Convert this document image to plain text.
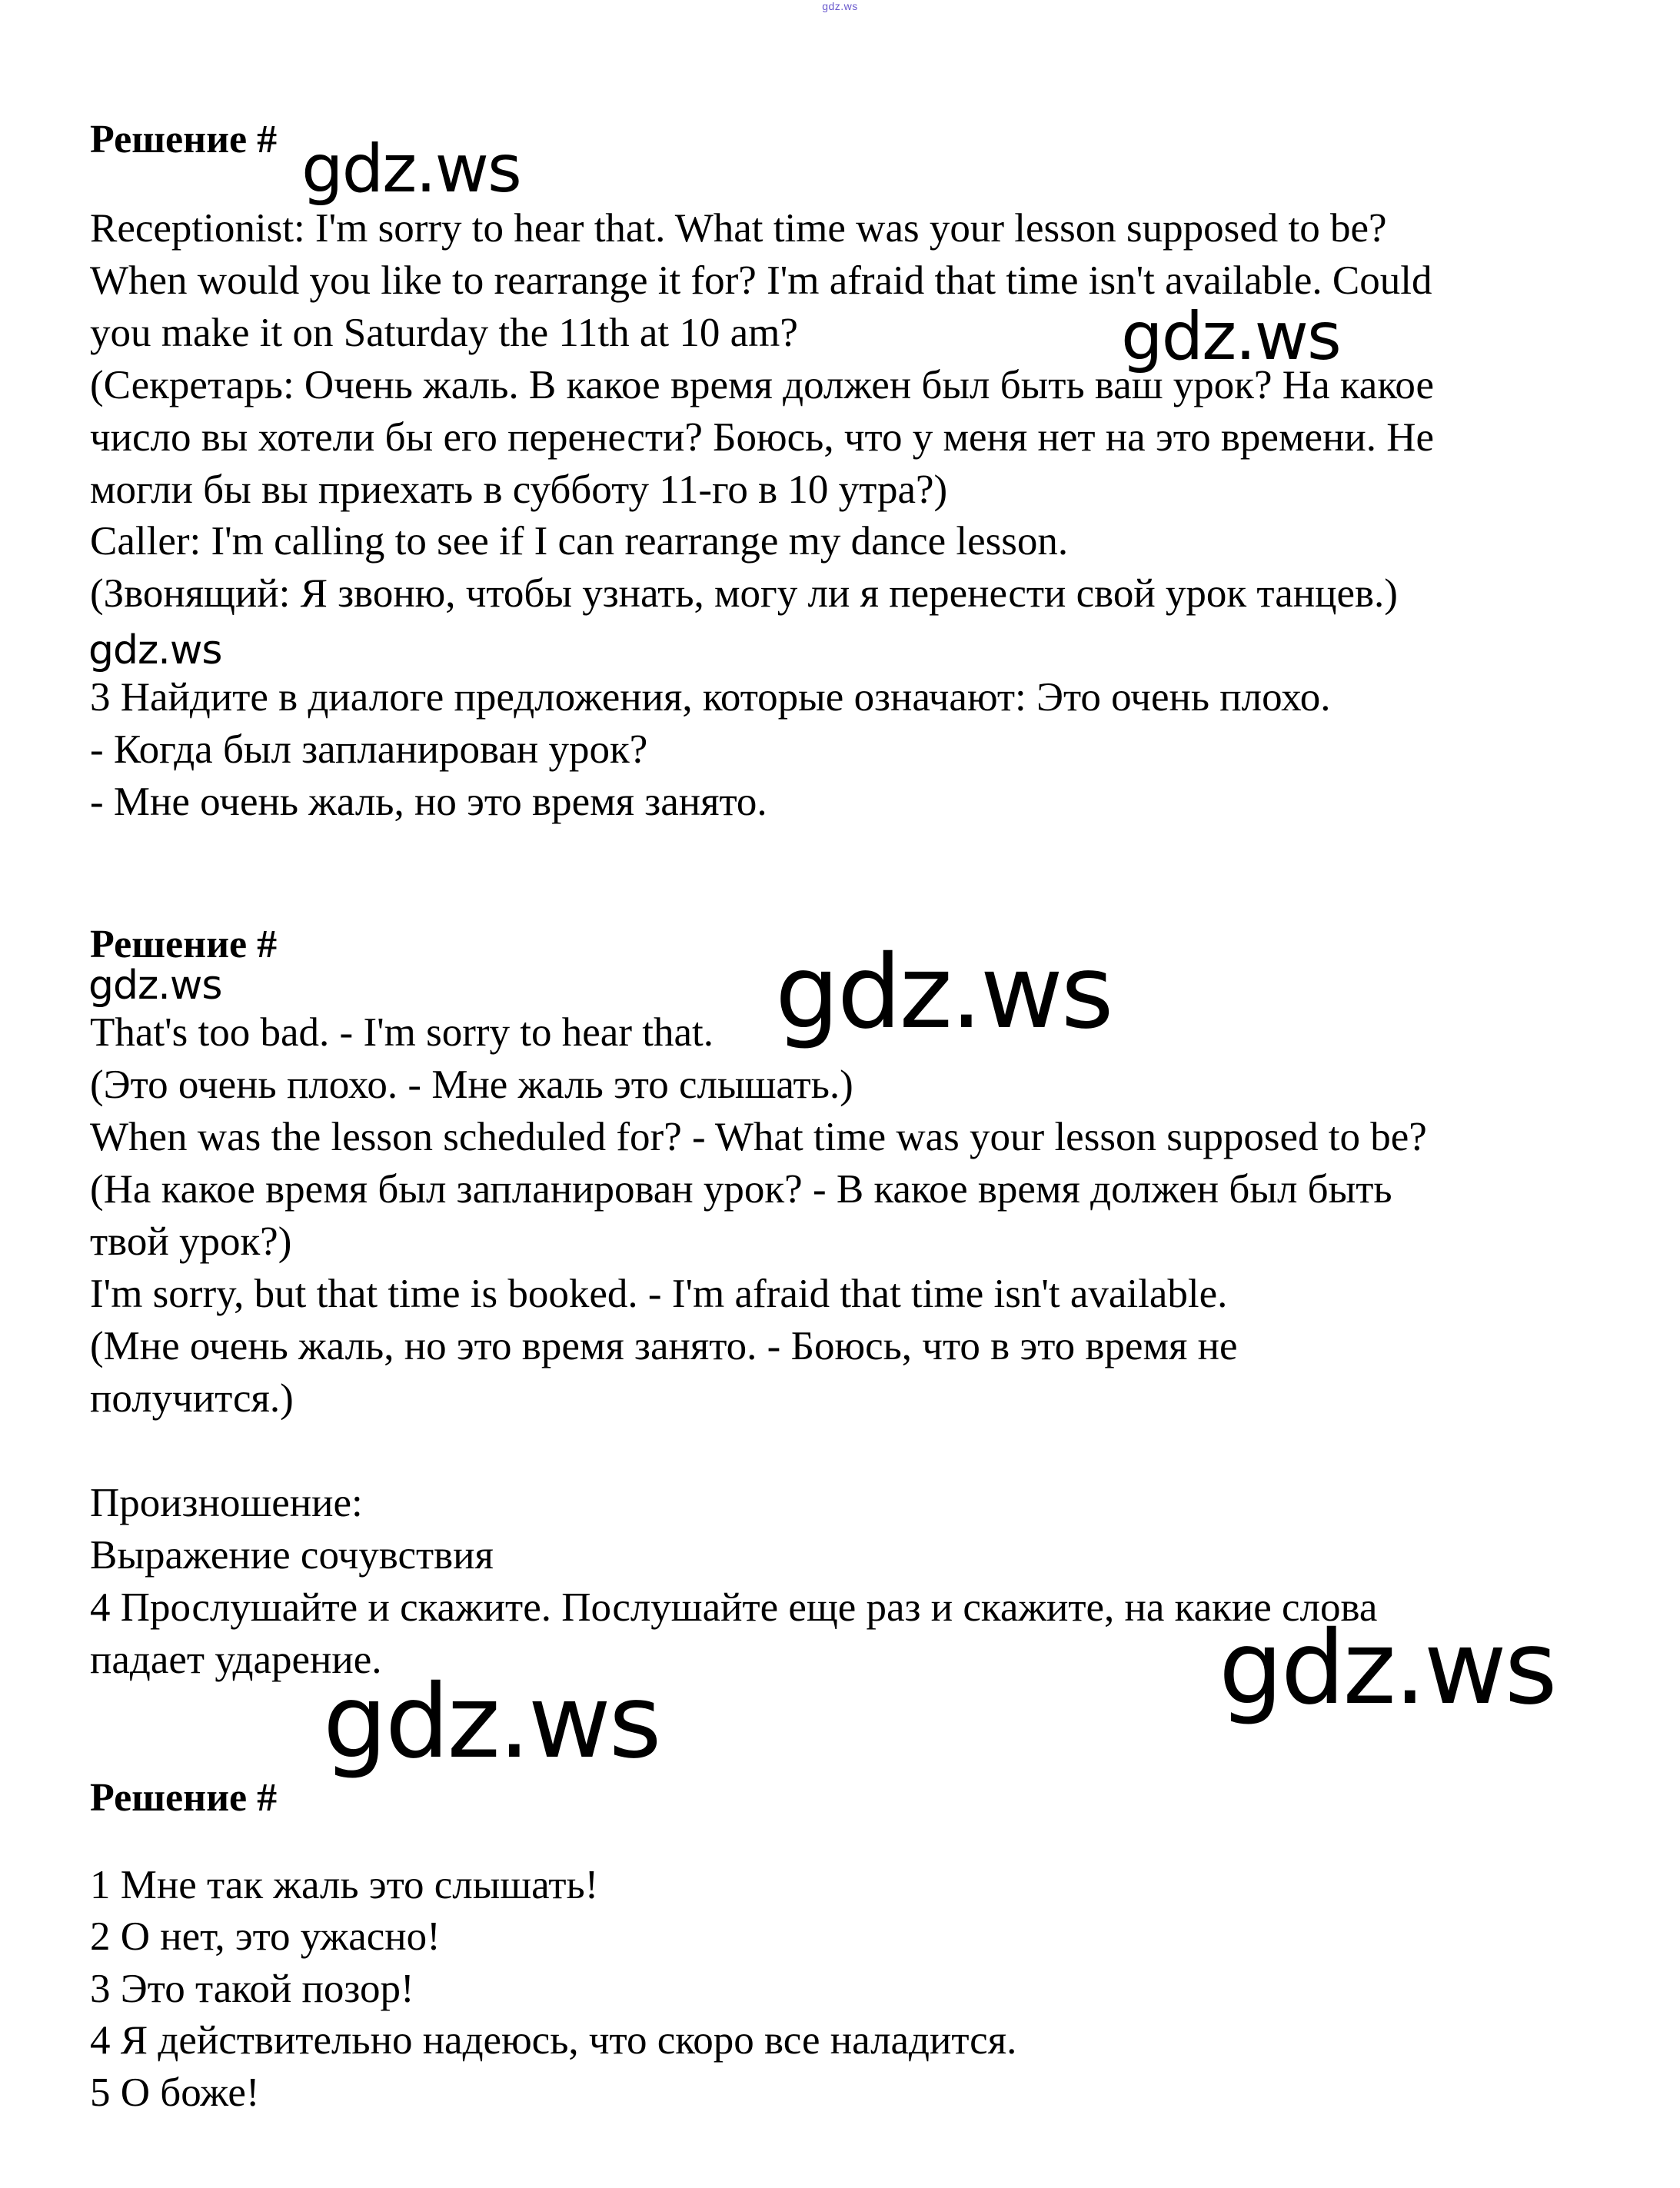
gdz.ws
Решение #
Receptionist: I'm sorry to hear that. What time was your lesson supposed to be?
When would you like to rearrange it for? I'm afraid that time isn't available. Could
you make it on Saturday the 11th at 10 am?
(Секретарь: Очень жаль. В какое время должен был быть ваш урок? На какое
число вы хотели бы его перенести? Боюсь, что у меня нет на это времени. Не
могли бы вы приехать в субботу 11-го в 10 утра?)
Caller: I'm calling to see if I can rearrange my dance lesson.
(Звонящий: Я звоню, чтобы узнать, могу ли я перенести свой урок танцев.)
3 Найдите в диалоге предложения, которые означают: Это очень плохо.
- Когда был запланирован урок?
- Мне очень жаль, но это время занято.
Решение #
That's too bad. - I'm sorry to hear that.
(Это очень плохо. - Мне жаль это слышать.)
When was the lesson scheduled for? - What time was your lesson supposed to be?
(На какое время был запланирован урок? - В какое время должен был быть
твой урок?)
I'm sorry, but that time is booked. - I'm afraid that time isn't available.
(Мне очень жаль, но это время занято. - Боюсь, что в это время не
получится.)
Произношение:
Выражение сочувствия
4 Прослушайте и скажите. Послушайте еще раз и скажите, на какие слова
падает ударение.
Решение #
1 Мне так жаль это слышать!
2 О нет, это ужасно!
3 Это такой позор!
4 Я действительно надеюсь, что скоро все наладится.
5 О боже!
gdz.ws
gdz.ws
gdz.ws
gdz.ws	gdz.ws
gdz.ws
gdz.ws
